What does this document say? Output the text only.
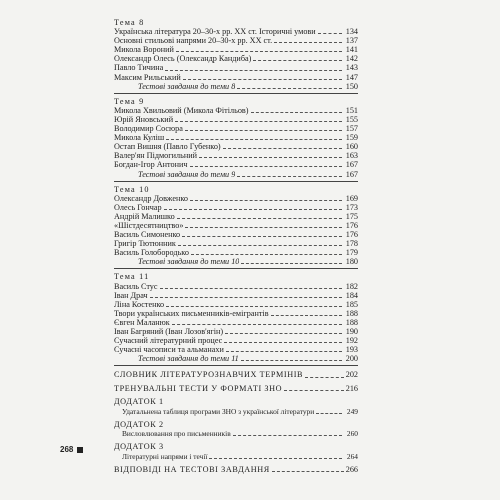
Тема 8
Українська література 20–30-х рр. XX ст. Історичні умови	134
Основні стильові напрями 20–30-х рр. XX ст.	137
Микола Вороний	141
Олександр Олесь (Олександр Кандиба)	142
Павло Тичина	143
Максим Рильський	147
Тестові завдання до теми 8	150
Тема 9
Микола Хвильовий (Микола Фітільов)	151
Юрій Яновський	155
Володимир Сосюра	157
Микола Куліш	159
Остап Вишня (Павло Губенко)	160
Валер'ян Підмогильний	163
Богдан-Ігор Антонич	167
Тестові завдання до теми 9	167
Тема 10
Олександр Довженко	169
Олесь Гончар	173
Андрій Малишко	175
«Шістдесятництво»	176
Василь Симоненко	176
Григір Тютюнник	178
Василь Голобородько	179
Тестові завдання до теми 10	180
Тема 11
Василь Стус	182
Іван Драч	184
Ліна Костенко	185
Твори українських письменників-емігрантів	188
Євген Маланюк	188
Іван Багряний (Іван Лозов'ягін)	190
Сучасний літературний процес	192
Сучасні часописи та альманахи	193
Тестові завдання до теми 11	200
СЛОВНИК ЛІТЕРАТУРОЗНАВЧИХ ТЕРМІНІВ	202
ТРЕНУВАЛЬНІ ТЕСТИ У ФОРМАТІ ЗНО	216
ДОДАТОК 1
Удатальнена таблиця програми ЗНО з української літератури	249
ДОДАТОК 2
Висловлювання про письменників	260
ДОДАТОК 3
Літературні напрями і течії	264
ВІДПОВІДІ НА ТЕСТОВІ ЗАВДАННЯ	266
268
